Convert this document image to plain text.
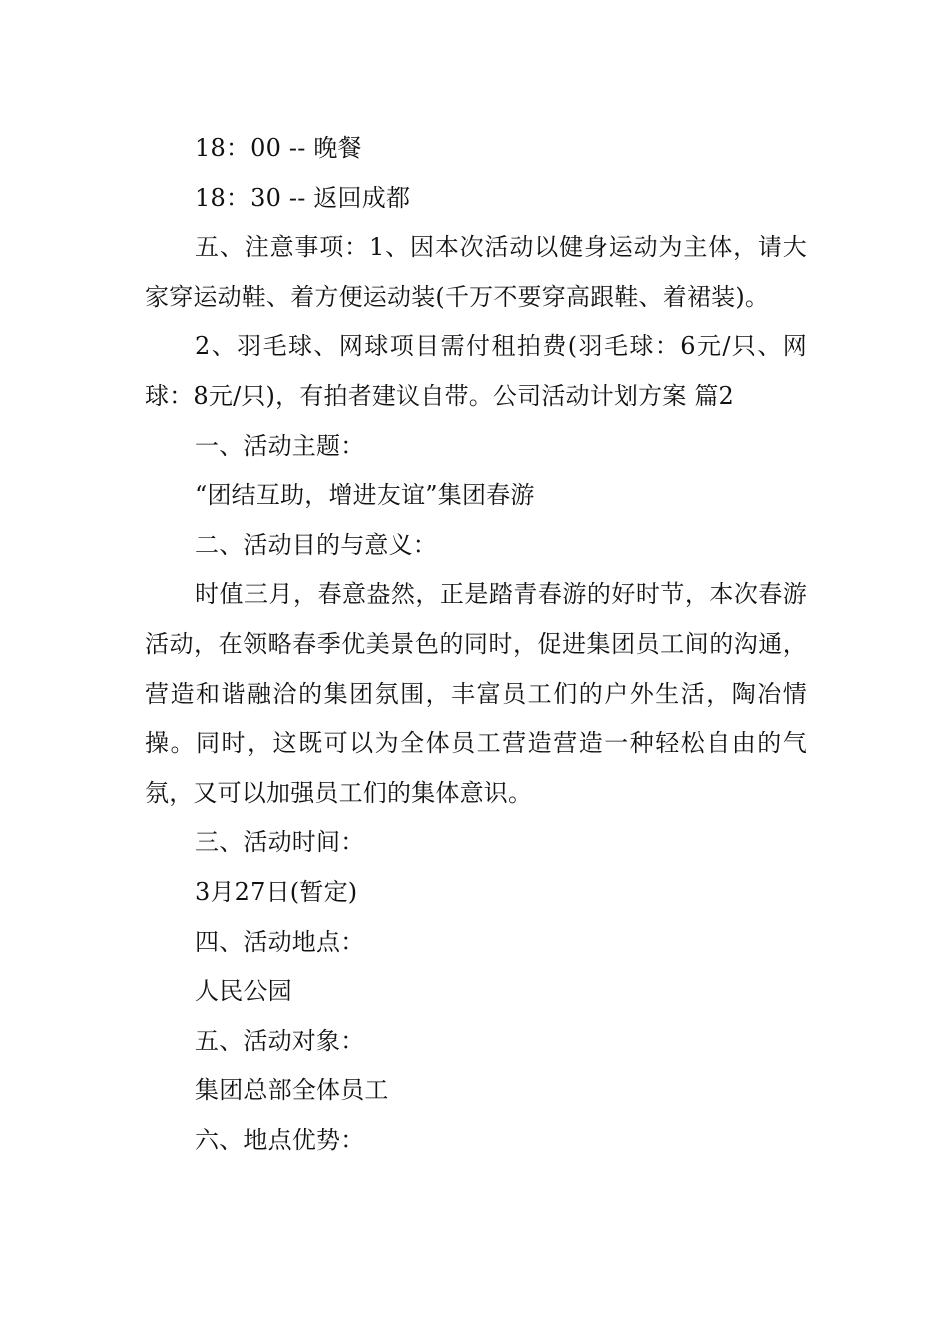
18：00 -- 晚餐

18：30 -- 返回成都

五、注意事项：1、因本次活动以健身运动为主体，请大家穿运动鞋、着方便运动装(千万不要穿高跟鞋、着裙装)。

2、羽毛球、网球项目需付租拍费(羽毛球：6元/只、网球：8元/只)，有拍者建议自带。公司活动计划方案 篇2

一、活动主题：

“团结互助，增进友谊”集团春游

二、活动目的与意义：

时值三月，春意盎然，正是踏青春游的好时节，本次春游活动，在领略春季优美景色的同时，促进集团员工间的沟通，营造和谐融洽的集团氛围，丰富员工们的户外生活，陶冶情操。同时，这既可以为全体员工营造营造一种轻松自由的气氛，又可以加强员工们的集体意识。

三、活动时间：

3月27日(暂定)

四、活动地点：

人民公园

五、活动对象：

集团总部全体员工

六、地点优势：
